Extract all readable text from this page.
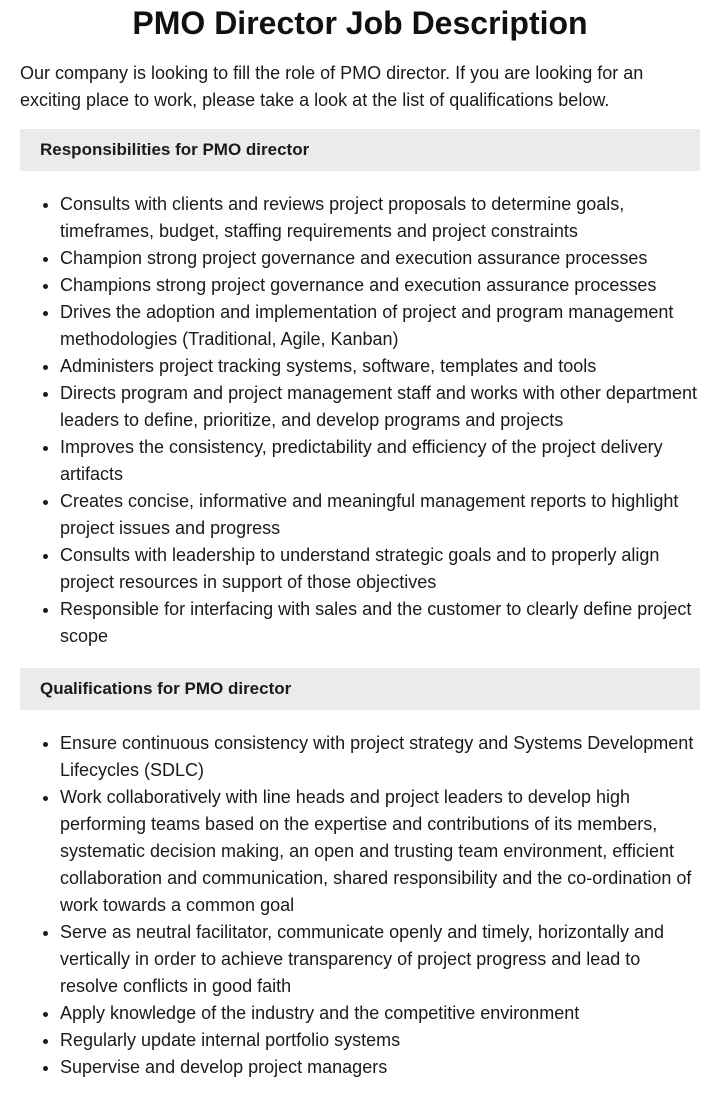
PMO Director Job Description

Our company is looking to fill the role of PMO director. If you are looking for an exciting place to work, please take a look at the list of qualifications below.

Responsibilities for PMO director
• Consults with clients and reviews project proposals to determine goals, timeframes, budget, staffing requirements and project constraints
• Champion strong project governance and execution assurance processes
• Champions strong project governance and execution assurance processes
• Drives the adoption and implementation of project and program management methodologies (Traditional, Agile, Kanban)
• Administers project tracking systems, software, templates and tools
• Directs program and project management staff and works with other department leaders to define, prioritize, and develop programs and projects
• Improves the consistency, predictability and efficiency of the project delivery artifacts
• Creates concise, informative and meaningful management reports to highlight project issues and progress
• Consults with leadership to understand strategic goals and to properly align project resources in support of those objectives
• Responsible for interfacing with sales and the customer to clearly define project scope
Qualifications for PMO director
• Ensure continuous consistency with project strategy and Systems Development Lifecycles (SDLC)
• Work collaboratively with line heads and project leaders to develop high performing teams based on the expertise and contributions of its members, systematic decision making, an open and trusting team environment, efficient collaboration and communication, shared responsibility and the co-ordination of work towards a common goal
• Serve as neutral facilitator, communicate openly and timely, horizontally and vertically in order to achieve transparency of project progress and lead to resolve conflicts in good faith
• Apply knowledge of the industry and the competitive environment
• Regularly update internal portfolio systems
• Supervise and develop project managers
